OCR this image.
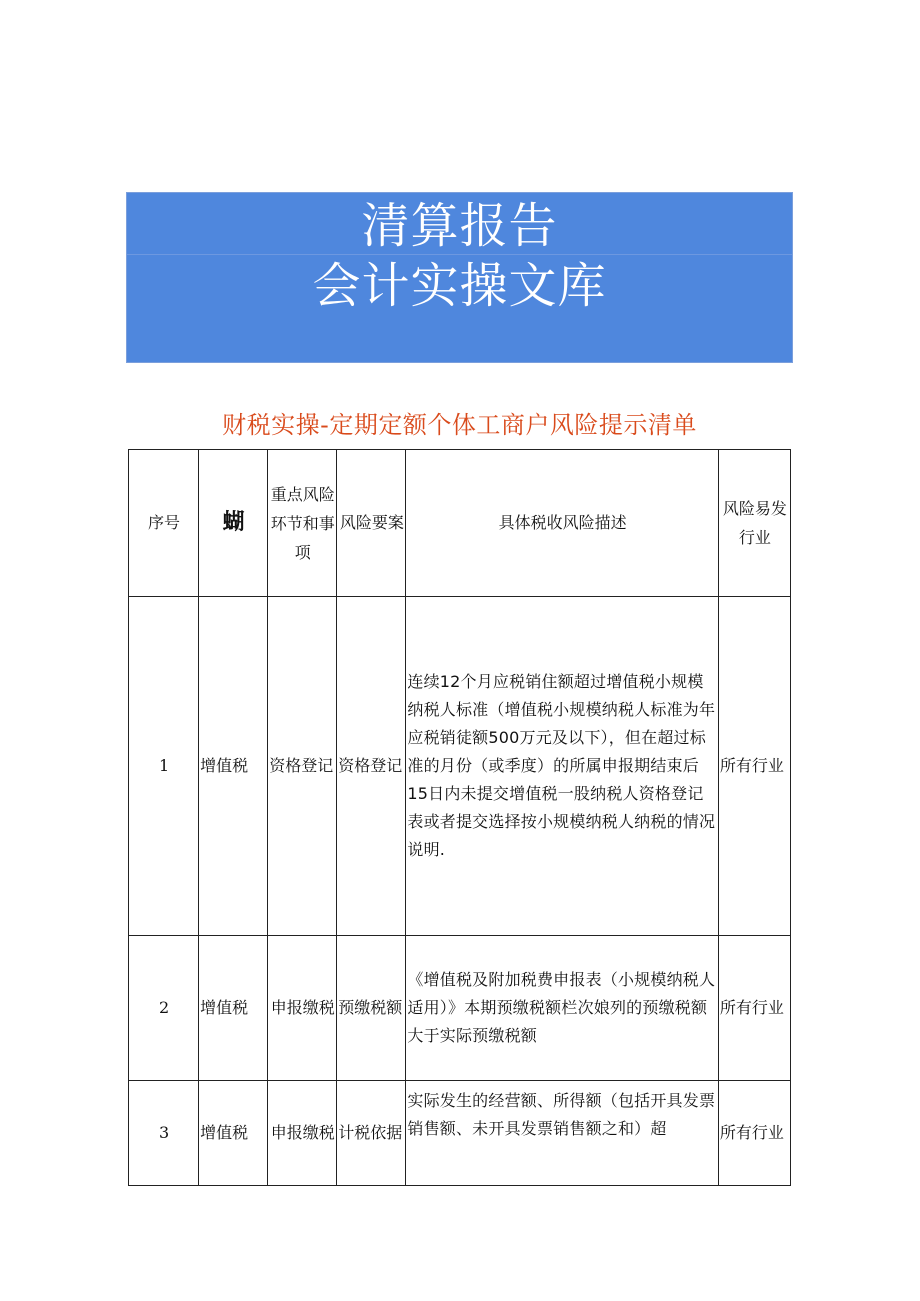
清算报告
会计实操文库
财税实操-定期定额个体工商户风险提示清单
序号	蝴	重点风险环节和事项	风险要案	具体税收风险描述	风险易发行业
1	增值税	资格登记	资格登记	连续12个月应税销住额超过增值税小规模纳税人标准（增值税小规模纳税人标准为年应税销徒额500万元及以下），但在超过标准的月份（或季度）的所属申报期结束后15日内未提交增值税一股纳税人资格登记表或者提交选择按小规模纳税人纳税的情况说明.	所有行业
2	增值税	申报缴税	预缴税额	《增值税及附加税费申报表（小规模纳税人适用）》本期预缴税额栏次娘列的预缴税额大于实际预缴税额	所有行业
3	增值税	申报缴税	计税依据	实际发生的经营额、所得额（包括开具发票销售额、未开具发票销售额之和）超	所有行业
